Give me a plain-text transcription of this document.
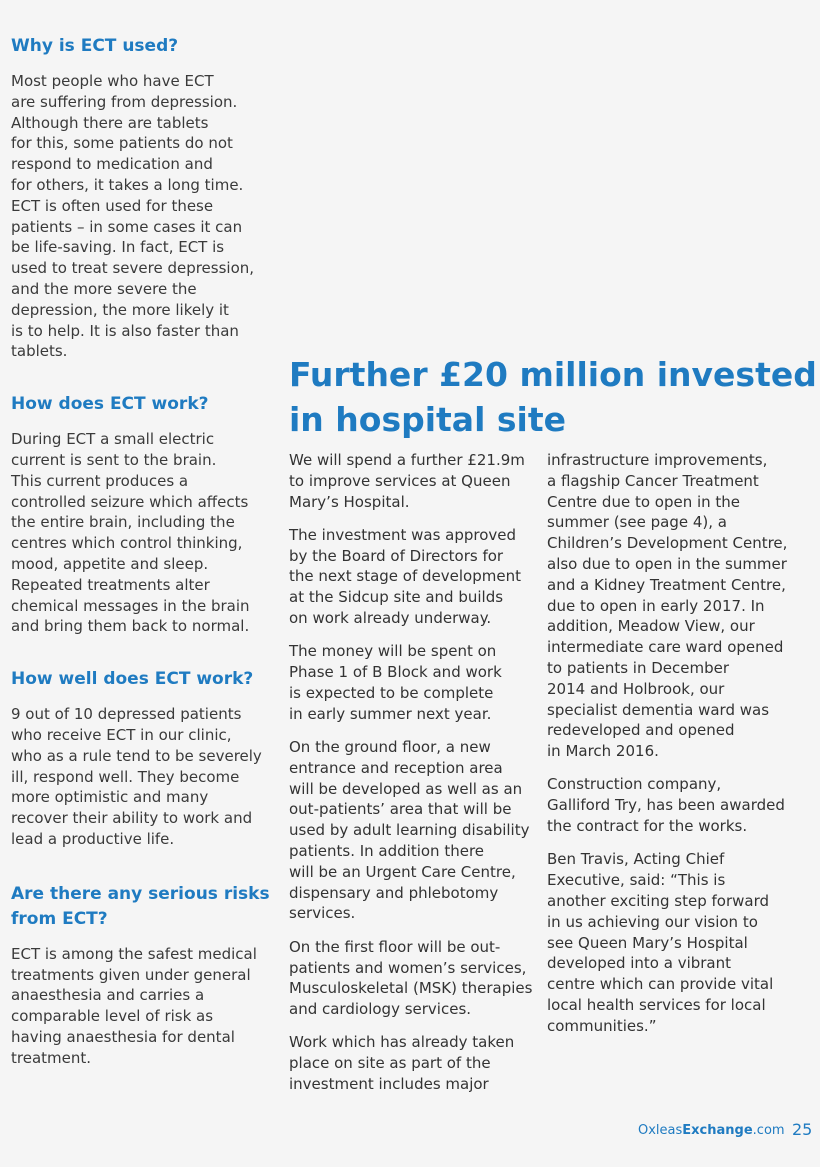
Why is ECT used?

Most people who have ECT
are suffering from depression.
Although there are tablets
for this, some patients do not
respond to medication and
for others, it takes a long time.
ECT is often used for these
patients – in some cases it can
be life-saving. In fact, ECT is
used to treat severe depression,
and the more severe the
depression, the more likely it
is to help. It is also faster than
tablets.

How does ECT work?

During ECT a small electric
current is sent to the brain.
This current produces a
controlled seizure which affects
the entire brain, including the
centres which control thinking,
mood, appetite and sleep.
Repeated treatments alter
chemical messages in the brain
and bring them back to normal.

How well does ECT work?

9 out of 10 depressed patients
who receive ECT in our clinic,
who as a rule tend to be severely
ill, respond well. They become
more optimistic and many
recover their ability to work and
lead a productive life.

Are there any serious risks
from ECT?

ECT is among the safest medical
treatments given under general
anaesthesia and carries a
comparable level of risk as
having anaesthesia for dental
treatment.

Further £20 million invested
in hospital site

We will spend a further £21.9m
to improve services at Queen
Mary’s Hospital.

The investment was approved
by the Board of Directors for
the next stage of development
at the Sidcup site and builds
on work already underway.

The money will be spent on
Phase 1 of B Block and work
is expected to be complete
in early summer next year.

On the ground floor, a new
entrance and reception area
will be developed as well as an
out-patients’ area that will be
used by adult learning disability
patients. In addition there
will be an Urgent Care Centre,
dispensary and phlebotomy
services.

On the first floor will be out-
patients and women’s services,
Musculoskeletal (MSK) therapies
and cardiology services.

Work which has already taken
place on site as part of the
investment includes major

infrastructure improvements,
a flagship Cancer Treatment
Centre due to open in the
summer (see page 4), a
Children’s Development Centre,
also due to open in the summer
and a Kidney Treatment Centre,
due to open in early 2017. In
addition, Meadow View, our
intermediate care ward opened
to patients in December
2014 and Holbrook, our
specialist dementia ward was
redeveloped and opened
in March 2016.

Construction company,
Galliford Try, has been awarded
the contract for the works.

Ben Travis, Acting Chief
Executive, said: “This is
another exciting step forward
in us achieving our vision to
see Queen Mary’s Hospital
developed into a vibrant
centre which can provide vital
local health services for local
communities.”

OxleasExchange.com 25
